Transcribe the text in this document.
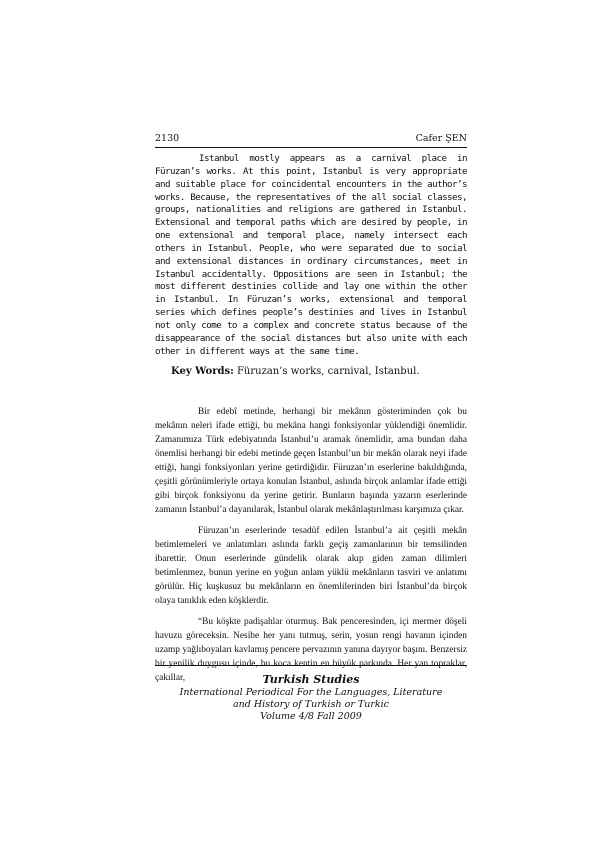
2130	Cafer ŞEN

Istanbul mostly appears as a carnival place in Füruzan’s works. At this point, Istanbul is very appropriate and suitable place for coincidental encounters in the author’s works. Because, the representatives of the all social classes, groups, nationalities and religions are gathered in Istanbul. Extensional and temporal paths which are desired by people, in one extensional and temporal place, namely intersect each others in Istanbul. People, who were separated due to social and extensional distances in ordinary circumstances, meet in Istanbul accidentally. Oppositions are seen in Istanbul; the most different destinies collide and lay one within the other in Istanbul. In Füruzan’s works, extensional and temporal series which defines people’s destinies and lives in Istanbul not only come to a complex and concrete status because of the disappearance of the social distances but also unite with each other in different ways at the same time.

Key Words: Füruzan’s works, carnival, Istanbul.

Bir edebî metinde, herhangi bir mekânın gösteriminden çok bu mekânın neleri ifade ettiği, bu mekâna hangi fonksiyonlar yüklendiği önemlidir. Zamanımıza Türk edebiyatında İstanbul’u aramak önemlidir, ama bundan daha önemlisi herhangi bir edebi metinde geçen İstanbul’un bir mekân olarak neyi ifade ettiği, hangi fonksiyonları yerine getirdiğidir. Füruzan’ın eserlerine bakıldığında, çeşitli görünümleriyle ortaya konulan İstanbul, aslında birçok anlamlar ifade ettiği gibi birçok fonksiyonu da yerine getirir. Bunların başında yazarın eserlerinde zamanın İstanbul’a dayanılarak, İstanbul olarak mekânlaştırılması karşımıza çıkar.

Füruzan’ın eserlerinde tesadüf edilen İstanbul’a ait çeşitli mekân betimlemeleri ve anlatımları aslında farklı geçiş zamanlarının bir temsilinden ibarettir. Onun eserlerinde gündelik olarak akıp giden zaman dilimleri betimlenmez, bunun yerine en yoğun anlam yüklü mekânların tasviri ve anlatımı görülür. Hiç kuşkusuz bu mekânların en önemlilerinden biri İstanbul’da birçok olaya tanıklık eden köşklerdir.

“Bu köşkte padişahlar oturmuş. Bak penceresinden, içi mermer döşeli havuzu göreceksin. Nesibe her yanı tutmuş, serin, yosun rengi havanın içinden uzamp yağlıboyaları kavlamış pencere pervazının yanına dayıyor başını. Benzersiz bir yenilik duygusu içinde, bu koca kentin en büyük parkında. Her yan topraklar, çakıllar,	Turkish Studies
International Periodical For the Languages, Literature
and History of Turkish or Turkic
Volume 4/8 Fall 2009
